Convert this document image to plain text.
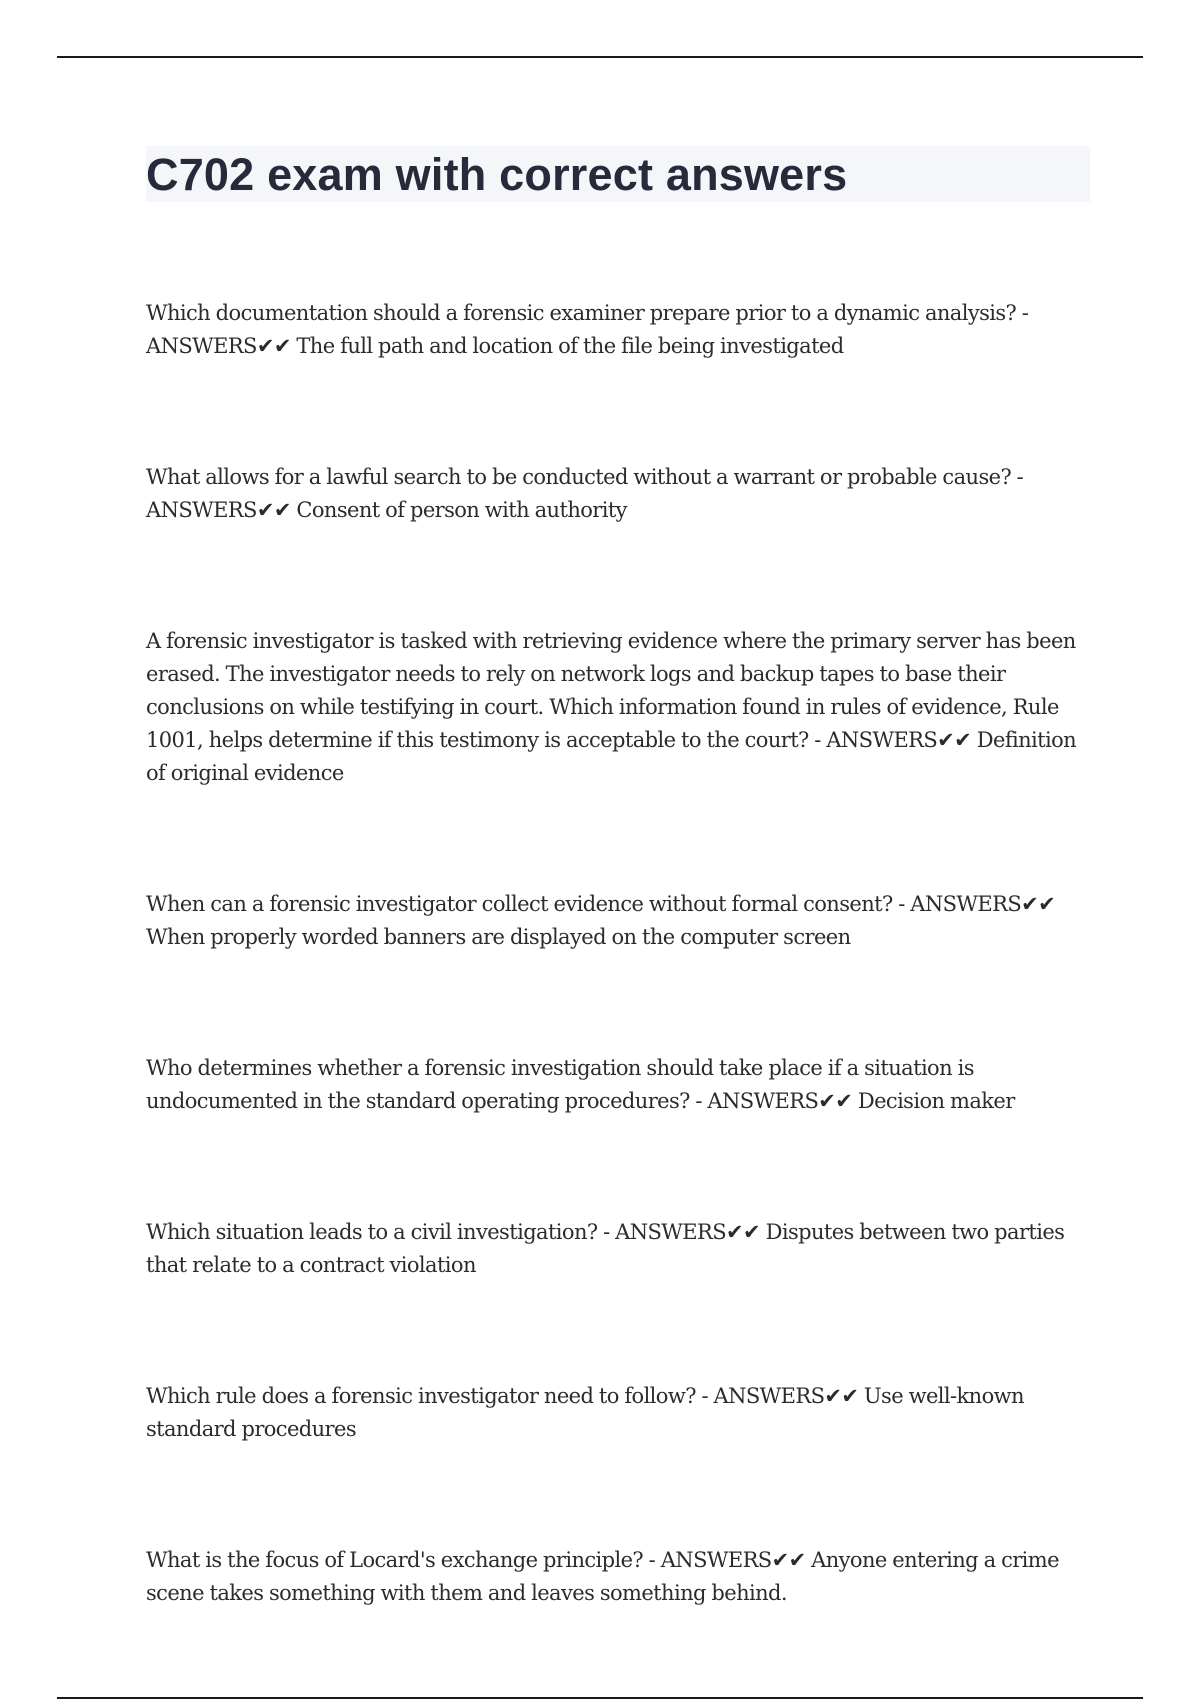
C702 exam with correct answers

Which documentation should a forensic examiner prepare prior to a dynamic analysis? - ANSWERS✔✔ The full path and location of the file being investigated

What allows for a lawful search to be conducted without a warrant or probable cause? - ANSWERS✔✔ Consent of person with authority

A forensic investigator is tasked with retrieving evidence where the primary server has been erased. The investigator needs to rely on network logs and backup tapes to base their conclusions on while testifying in court. Which information found in rules of evidence, Rule 1001, helps determine if this testimony is acceptable to the court? - ANSWERS✔✔ Definition of original evidence

When can a forensic investigator collect evidence without formal consent? - ANSWERS✔✔ When properly worded banners are displayed on the computer screen

Who determines whether a forensic investigation should take place if a situation is undocumented in the standard operating procedures? - ANSWERS✔✔ Decision maker

Which situation leads to a civil investigation? - ANSWERS✔✔ Disputes between two parties that relate to a contract violation

Which rule does a forensic investigator need to follow? - ANSWERS✔✔ Use well-known standard procedures

What is the focus of Locard's exchange principle? - ANSWERS✔✔ Anyone entering a crime scene takes something with them and leaves something behind.
